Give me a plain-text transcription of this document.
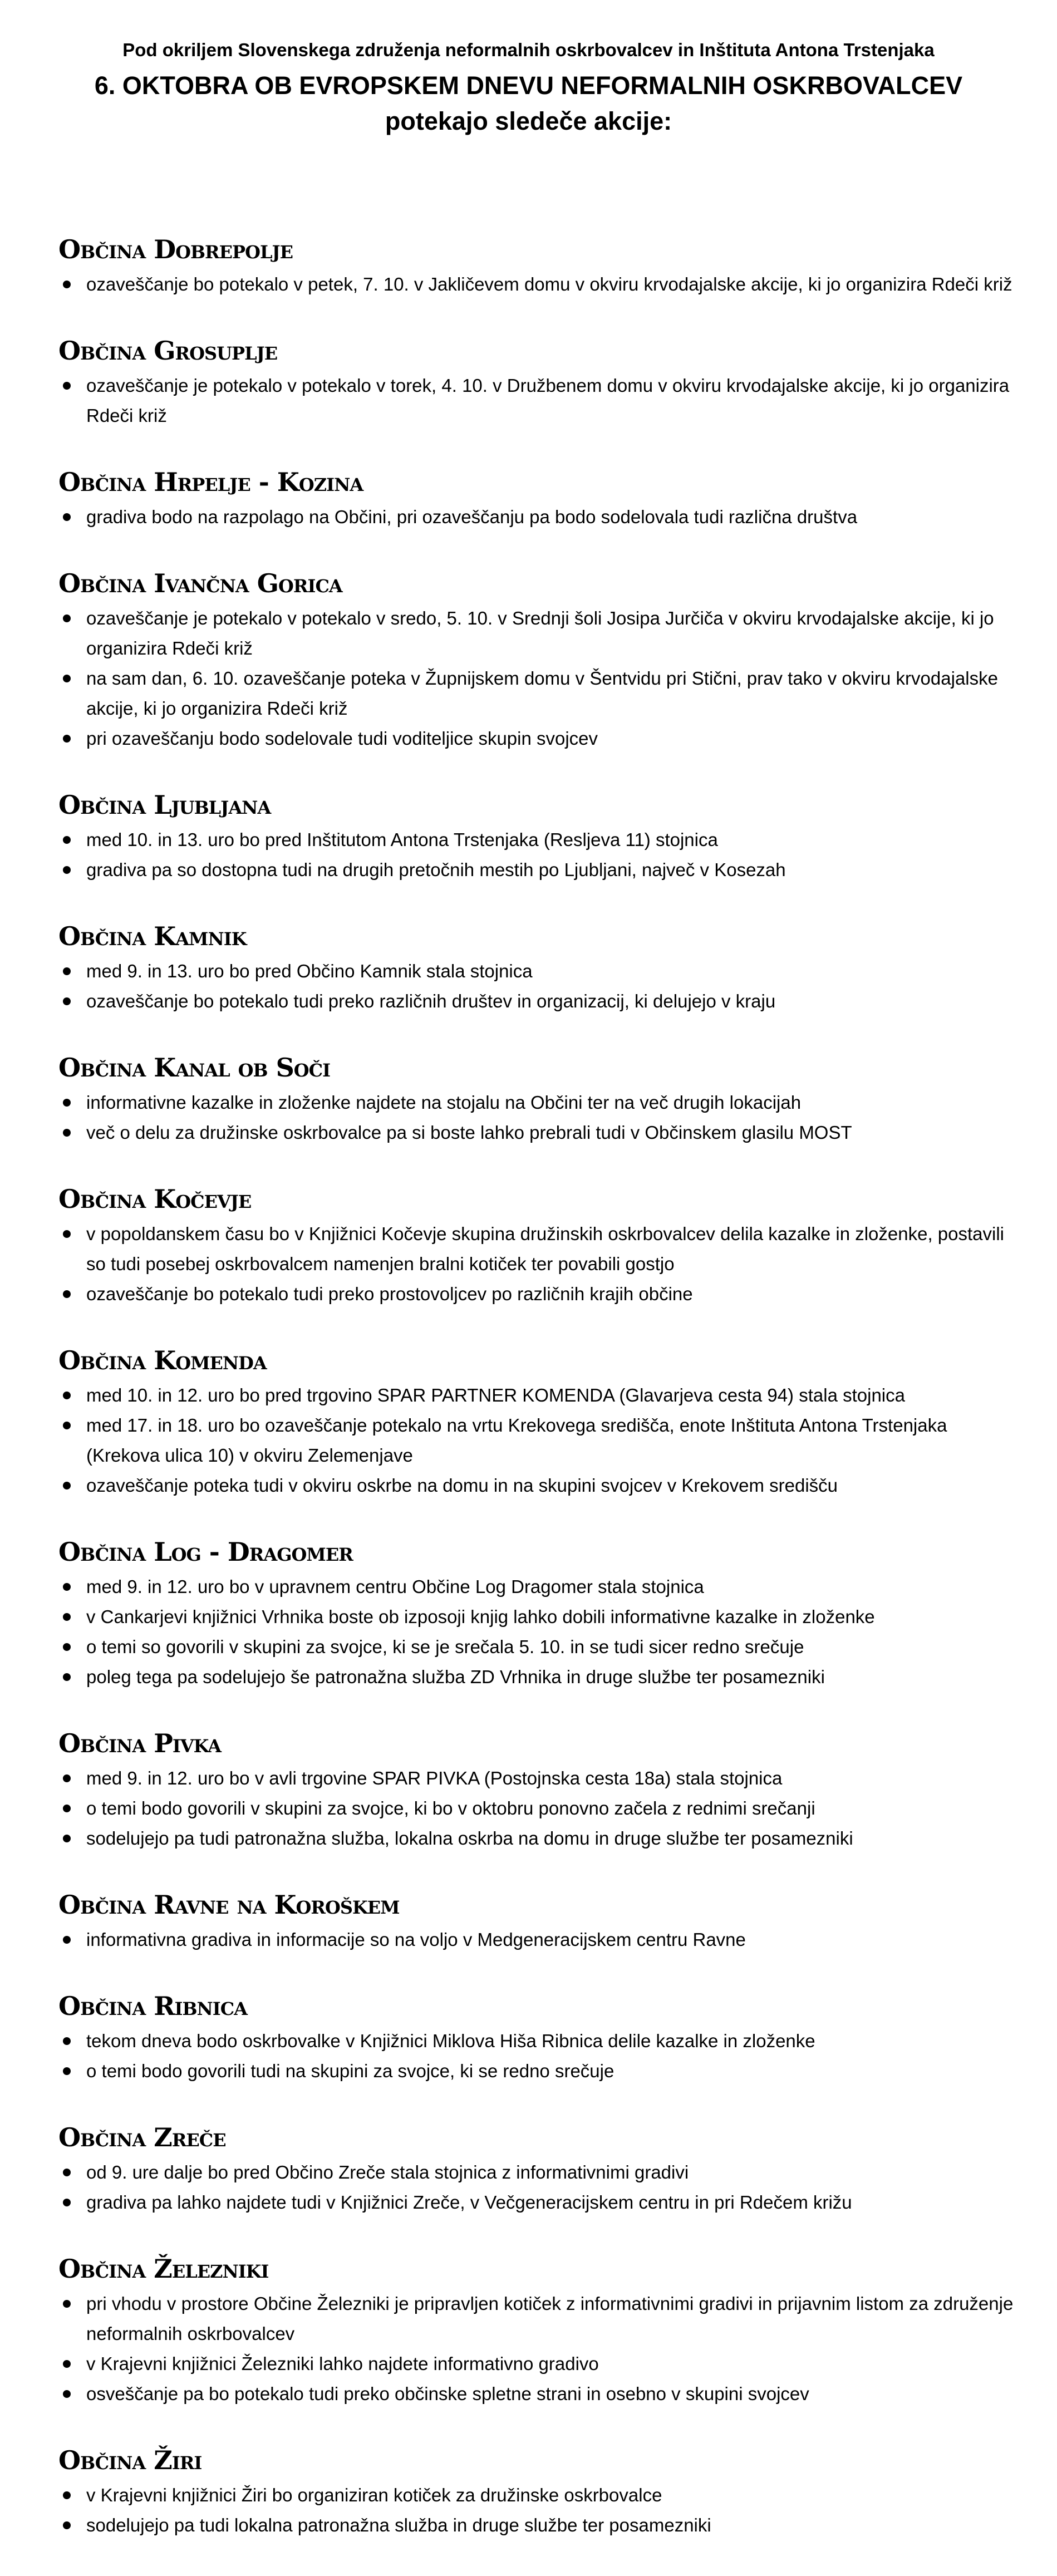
Pod okriljem Slovenskega združenja neformalnih oskrbovalcev in Inštituta Antona Trstenjaka
6. OKTOBRA OB EVROPSKEM DNEVU NEFORMALNIH OSKRBOVALCEV
potekajo sledeče akcije:
Občina Dobrepolje
ozaveščanje bo potekalo v petek, 7. 10. v Jakličevem domu v okviru krvodajalske akcije, ki jo organizira Rdeči križ
Občina Grosuplje
ozaveščanje je potekalo v potekalo v torek, 4. 10. v Družbenem domu v okviru krvodajalske akcije, ki jo organizira Rdeči križ
Občina Hrpelje - Kozina
gradiva bodo na razpolago na Občini, pri ozaveščanju pa bodo sodelovala tudi različna društva
Občina Ivančna Gorica
ozaveščanje je potekalo v potekalo v sredo, 5. 10. v Srednji šoli Josipa Jurčiča v okviru krvodajalske akcije, ki jo organizira Rdeči križ
na sam dan, 6. 10. ozaveščanje poteka v Župnijskem domu v Šentvidu pri Stični, prav tako v okviru krvodajalske akcije, ki jo organizira Rdeči križ
pri ozaveščanju bodo sodelovale tudi voditeljice skupin svojcev
Občina Ljubljana
med 10. in 13. uro bo pred Inštitutom Antona Trstenjaka (Resljeva 11) stojnica
gradiva pa so dostopna tudi na drugih pretočnih mestih po Ljubljani, največ v Kosezah
Občina Kamnik
med 9. in 13. uro bo pred Občino Kamnik stala stojnica
ozaveščanje bo potekalo tudi preko različnih društev in organizacij, ki delujejo v kraju
Občina Kanal ob Soči
informativne kazalke in zloženke najdete na stojalu na Občini ter na več drugih lokacijah
več o delu za družinske oskrbovalce pa si boste lahko prebrali tudi v Občinskem glasilu MOST
Občina Kočevje
v popoldanskem času bo v Knjižnici Kočevje skupina družinskih oskrbovalcev delila kazalke in zloženke, postavili so tudi posebej oskrbovalcem namenjen bralni kotiček ter povabili gostjo
ozaveščanje bo potekalo tudi preko prostovoljcev po različnih krajih občine
Občina Komenda
med 10. in 12. uro bo pred trgovino SPAR PARTNER KOMENDA (Glavarjeva cesta 94) stala stojnica
med 17. in 18. uro bo ozaveščanje potekalo na vrtu Krekovega središča, enote Inštituta Antona Trstenjaka (Krekova ulica 10) v okviru Zelemenjave
ozaveščanje poteka tudi v okviru oskrbe na domu in na skupini svojcev v Krekovem središču
Občina Log - Dragomer
med 9. in 12. uro bo v upravnem centru Občine Log Dragomer stala stojnica
v Cankarjevi knjižnici Vrhnika boste ob izposoji knjig lahko dobili informativne kazalke in zloženke
o temi so govorili v skupini za svojce, ki se je srečala 5. 10. in se tudi sicer redno srečuje
poleg tega pa sodelujejo še patronažna služba ZD Vrhnika in druge službe ter posamezniki
Občina Pivka
med 9. in 12. uro bo v avli trgovine SPAR PIVKA (Postojnska cesta 18a) stala stojnica
o temi bodo govorili v skupini za svojce, ki bo v oktobru ponovno začela z rednimi srečanji
sodelujejo pa tudi patronažna služba, lokalna oskrba na domu in druge službe ter posamezniki
Občina Ravne na Koroškem
informativna gradiva in informacije so na voljo v Medgeneracijskem centru Ravne
Občina Ribnica
tekom dneva bodo oskrbovalke v Knjižnici Miklova Hiša Ribnica delile kazalke in zloženke
o temi bodo govorili tudi na skupini za svojce, ki se redno srečuje
Občina Zreče
od 9. ure dalje bo pred Občino Zreče stala stojnica z informativnimi gradivi
gradiva pa lahko najdete tudi v Knjižnici Zreče, v Večgeneracijskem centru in pri Rdečem križu
Občina Železniki
pri vhodu v prostore Občine Železniki je pripravljen kotiček z informativnimi gradivi in prijavnim listom za združenje neformalnih oskrbovalcev
v Krajevni knjižnici Železniki lahko najdete informativno gradivo
osveščanje pa bo potekalo tudi preko občinske spletne strani in osebno v skupini svojcev
Občina Žiri
v Krajevni knjižnici Žiri bo organiziran kotiček za družinske oskrbovalce
sodelujejo pa tudi lokalna patronažna služba in druge službe ter posamezniki
